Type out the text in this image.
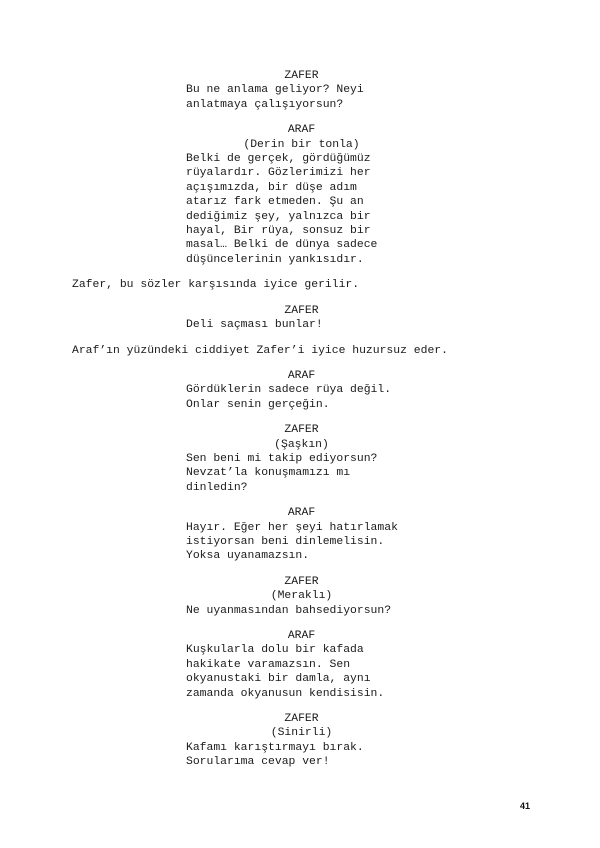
ZAFER
Bu ne anlama geliyor? Neyi
anlatmaya çalışıyorsun?
ARAF
(Derin bir tonla)
Belki de gerçek, gördüğümüz
rüyalardır. Gözlerimizi her
açışımızda, bir düşe adım
atarız fark etmeden. Şu an
dediğimiz şey, yalnızca bir
hayal, Bir rüya, sonsuz bir
masal… Belki de dünya sadece
düşüncelerinin yankısıdır.
Zafer, bu sözler karşısında iyice gerilir.
ZAFER
Deli saçması bunlar!
Araf’ın yüzündeki ciddiyet Zafer’i iyice huzursuz eder.
ARAF
Gördüklerin sadece rüya değil.
Onlar senin gerçeğin.
ZAFER
(Şaşkın)
Sen beni mi takip ediyorsun?
Nevzat’la konuşmamızı mı
dinledin?
ARAF
Hayır. Eğer her şeyi hatırlamak
istiyorsan beni dinlemelisin.
Yoksa uyanamazsın.
ZAFER
(Meraklı)
Ne uyanmasından bahsediyorsun?
ARAF
Kuşkularla dolu bir kafada
hakikate varamazsın. Sen
okyanustaki bir damla, aynı
zamanda okyanusun kendisisin.
ZAFER
(Sinirli)
Kafamı karıştırmayı bırak.
Sorularıma cevap ver!
41
